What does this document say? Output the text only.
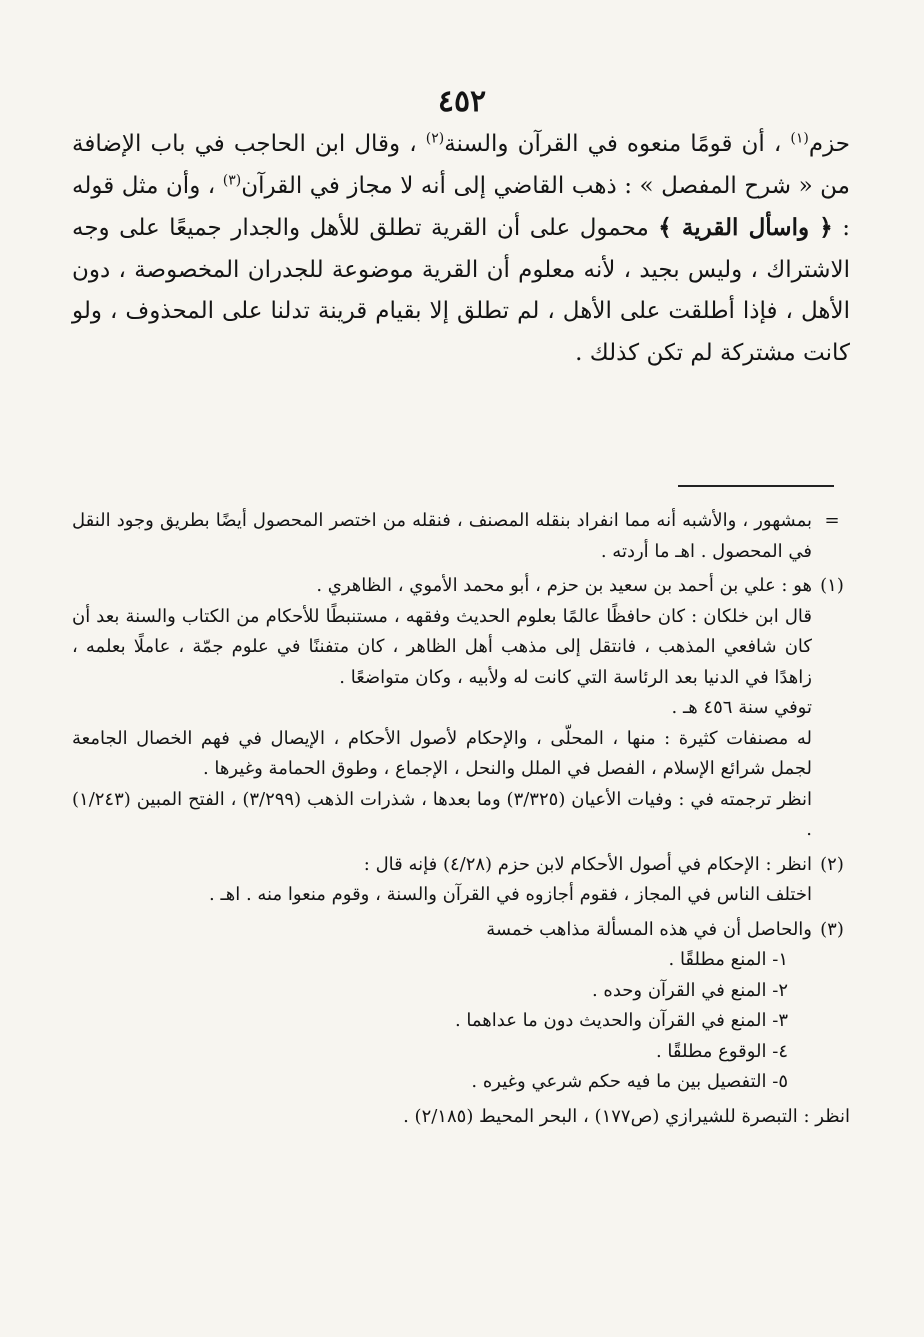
٤٥٢

حزم$^{(١)}$ ، أن قومًا منعوه في القرآن والسنة$^{(٢)}$ ، وقال ابن الحاجب في باب الإضافة من « شرح المفصل » : ذهب القاضي إلى أنه لا مجاز في القرآن$^{(٣)}$ ، وأن مثل قوله : ﴿ واسأل القرية ﴾ محمول على أن القرية تطلق للأهل والجدار جميعًا على وجه الاشتراك ، وليس بجيد ، لأنه معلوم أن القرية موضوعة للجدران المخصوصة ، دون الأهل ، فإذا أطلقت على الأهل ، لم تطلق إلا بقيام قرينة تدلنا على المحذوف ، ولو كانت مشتركة لم تكن كذلك .

=

بمشهور ، والأشبه أنه مما انفراد بنقله المصنف ، فنقله من اختصر المحصول أيضًا بطريق وجود النقل في المحصول . اهـ ما أردته .

(١)

هو : علي بن أحمد بن سعيد بن حزم ، أبو محمد الأموي ، الظاهري .

قال ابن خلكان : كان حافظًا عالمًا بعلوم الحديث وفقهه ، مستنبطًا للأحكام من الكتاب والسنة بعد أن كان شافعي المذهب ، فانتقل إلى مذهب أهل الظاهر ، كان متفننًا في علوم جمّة ، عاملًا بعلمه ، زاهدًا في الدنيا بعد الرئاسة التي كانت له ولأبيه ، وكان متواضعًا .

توفي سنة ٤٥٦ هـ .

له مصنفات كثيرة : منها ، المحلّى ، والإحكام لأصول الأحكام ، الإيصال في فهم الخصال الجامعة لجمل شرائع الإسلام ، الفصل في الملل والنحل ، الإجماع ، وطوق الحمامة وغيرها .

انظر ترجمته في : وفيات الأعيان (٣/٣٢٥) وما بعدها ، شذرات الذهب (٣/٢٩٩) ، الفتح المبين (١/٢٤٣) .

(٢)

انظر : الإحكام في أصول الأحكام لابن حزم (٤/٢٨) فإنه قال :

اختلف الناس في المجاز ، فقوم أجازوه في القرآن والسنة ، وقوم منعوا منه . اهـ .

(٣)

والحاصل أن في هذه المسألة مذاهب خمسة

١- المنع مطلقًا .

٢- المنع في القرآن وحده .

٣- المنع في القرآن والحديث دون ما عداهما .

٤- الوقوع مطلقًا .

٥- التفصيل بين ما فيه حكم شرعي وغيره .

انظر : التبصرة للشيرازي (ص١٧٧) ، البحر المحيط (٢/١٨٥) .
